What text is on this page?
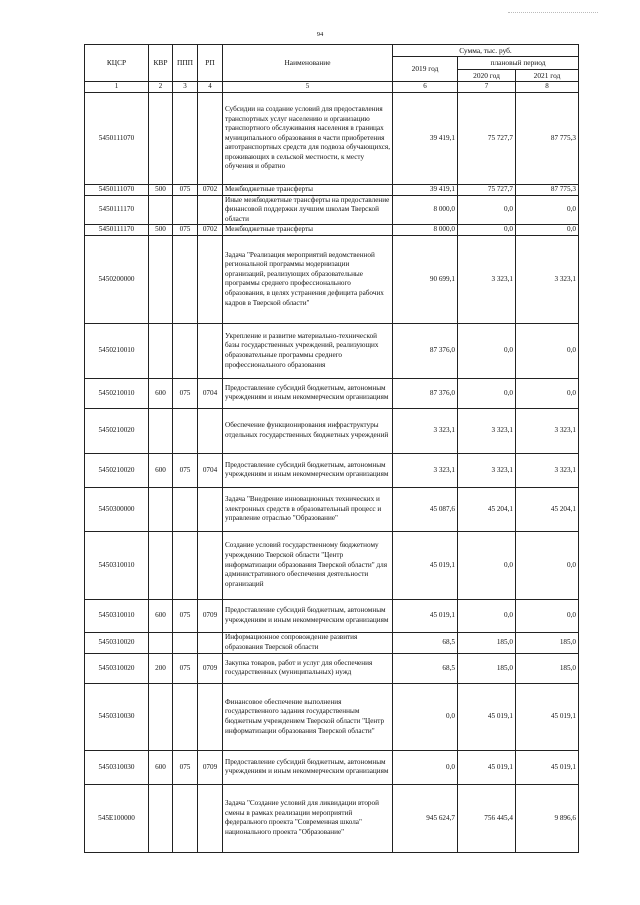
94
КЦСР	КВР	ППП	РП	Наименование	Сумма, тыс. руб.		
					2019 год	плановый период	
						2020 год	2021 год
1	2	3	4	5	6	7	8
5450111070				Субсидии на создание условий для предоставления транспортных услуг населению и организацию транспортного обслуживания населения в границах муниципального образования в части приобретения автотранспортных средств для подвоза обучающихся, проживающих в сельской местности, к месту обучения и обратно	39 419,1	75 727,7	87 775,3
5450111070	500	075	0702	Межбюджетные трансферты	39 419,1	75 727,7	87 775,3
5450111170				Иные межбюджетные трансферты на предоставление финансовой поддержки лучшим школам Тверской области	8 000,0	0,0	0,0
5450111170	500	075	0702	Межбюджетные трансферты	8 000,0	0,0	0,0
5450200000				Задача "Реализация мероприятий ведомственной региональной программы модернизации организаций, реализующих образовательные программы среднего профессионального образования, в целях устранения дефицита рабочих кадров в Тверской области"	90 699,1	3 323,1	3 323,1
5450210010				Укрепление и развитие материально-технической базы государственных учреждений, реализующих образовательные программы среднего профессионального образования	87 376,0	0,0	0,0
5450210010	600	075	0704	Предоставление субсидий бюджетным, автономным учреждениям и иным некоммерческим организациям	87 376,0	0,0	0,0
5450210020				Обеспечение функционирования инфраструктуры отдельных государственных бюджетных учреждений	3 323,1	3 323,1	3 323,1
5450210020	600	075	0704	Предоставление субсидий бюджетным, автономным учреждениям и иным некоммерческим организациям	3 323,1	3 323,1	3 323,1
5450300000				Задача "Внедрение инновационных технических и электронных средств в образовательный процесс и управление отраслью "Образование"	45 087,6	45 204,1	45 204,1
5450310010				Создание условий государственному бюджетному учреждению Тверской области "Центр информатизации образования Тверской области" для административного обеспечения деятельности организаций	45 019,1	0,0	0,0
5450310010	600	075	0709	Предоставление субсидий бюджетным, автономным учреждениям и иным некоммерческим организациям	45 019,1	0,0	0,0
5450310020				Информационное сопровождение развития образования Тверской области	68,5	185,0	185,0
5450310020	200	075	0709	Закупка товаров, работ и услуг для обеспечения государственных (муниципальных) нужд	68,5	185,0	185,0
5450310030				Финансовое обеспечение выполнения государственного задания государственным бюджетным учреждением Тверской области "Центр информатизации образования Тверской области"	0,0	45 019,1	45 019,1
5450310030	600	075	0709	Предоставление субсидий бюджетным, автономным учреждениям и иным некоммерческим организациям	0,0	45 019,1	45 019,1
545E100000				Задача "Создание условий для ликвидации второй смены в рамках реализации мероприятий федерального проекта "Современная школа" национального проекта "Образование"	945 624,7	756 445,4	9 896,6
